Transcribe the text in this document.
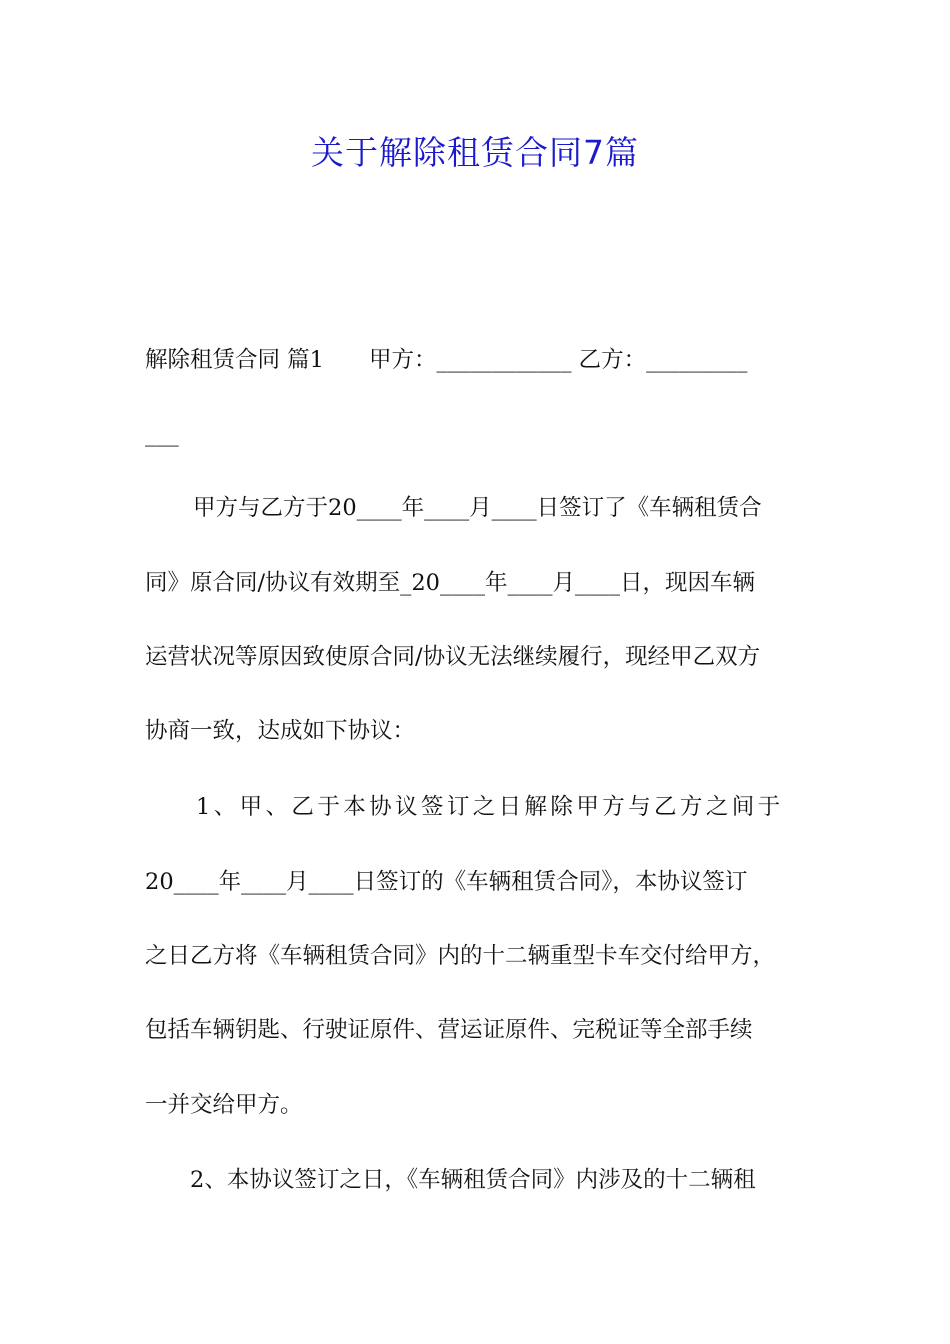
关于解除租赁合同7篇
解除租赁合同 篇1　　甲方：____________ 乙方：_________
___
甲方与乙方于20____年____月____日签订了《车辆租赁合
同》原合同/协议有效期至_20____年____月____日，现因车辆
运营状况等原因致使原合同/协议无法继续履行，现经甲乙双方
协商一致，达成如下协议：
1、甲、乙于本协议签订之日解除甲方与乙方之间于
20____年____月____日签订的《车辆租赁合同》，本协议签订
之日乙方将《车辆租赁合同》内的十二辆重型卡车交付给甲方，
包括车辆钥匙、行驶证原件、营运证原件、完税证等全部手续
一并交给甲方。
2、本协议签订之日，《车辆租赁合同》内涉及的十二辆租
